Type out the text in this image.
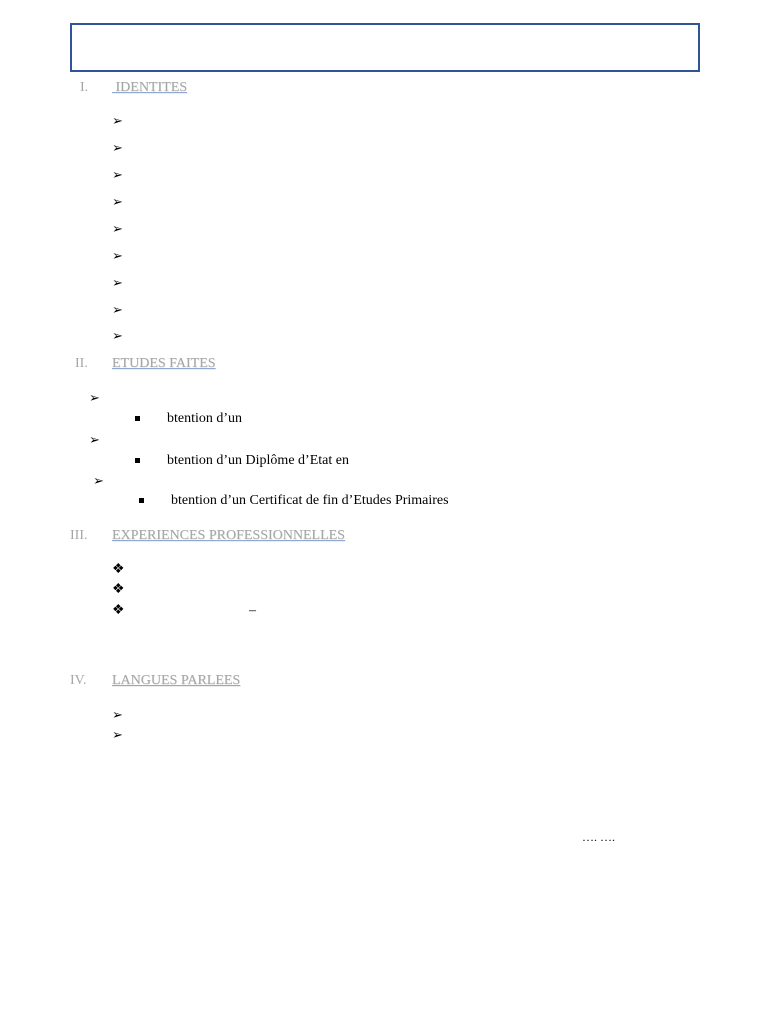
I. IDENTITES
➢
➢
➢
➢
➢
➢
➢
➢
➢
II. ETUDES FAITES
➢
btention d’un
➢
btention d’un Diplôme d’Etat en
➢
btention d’un Certificat de fin d’Etudes Primaires
III. EXPERIENCES PROFESSIONNELLES
❖
❖
❖	–
IV. LANGUES PARLEES
➢
➢
…. ….
